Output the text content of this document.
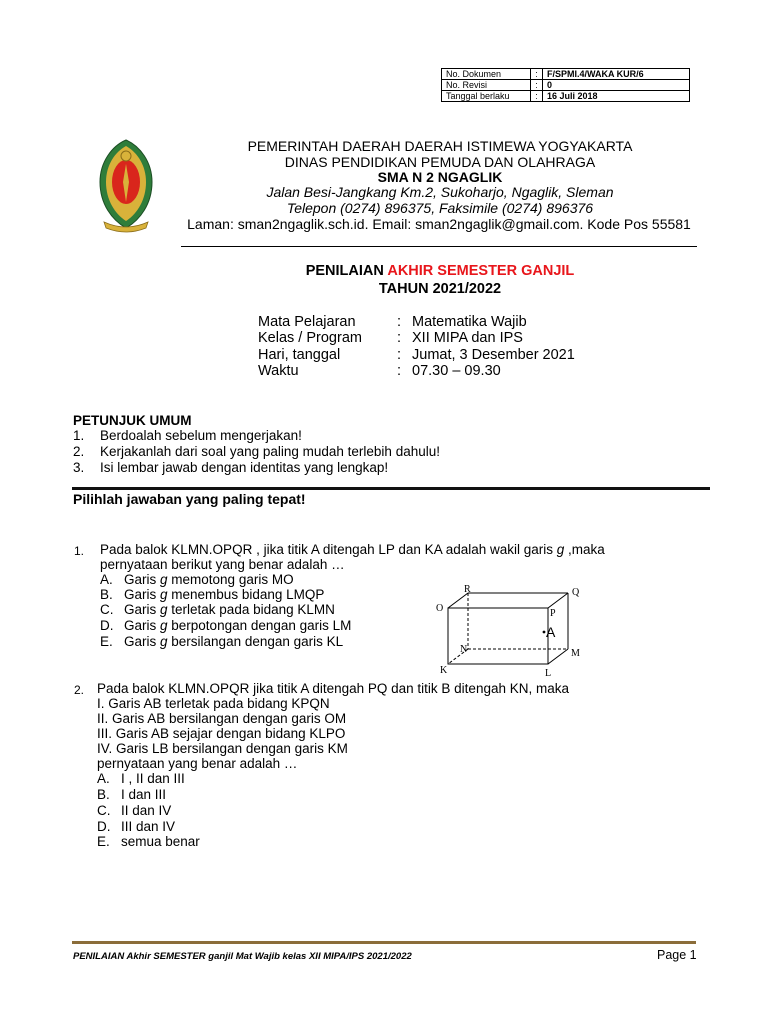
No. Dokumen	:	F/SPMI.4/WAKA KUR/6
No. Revisi	:	0
Tanggal berlaku	:	16 Juli 2018
PEMERINTAH DAERAH DAERAH ISTIMEWA YOGYAKARTA
DINAS PENDIDIKAN PEMUDA DAN OLAHRAGA
SMA N 2 NGAGLIK
Jalan Besi-Jangkang Km.2, Sukoharjo, Ngaglik, Sleman
Telepon (0274) 896375, Faksimile (0274) 896376
Laman: sman2ngaglik.sch.id. Email: sman2ngaglik@gmail.com. Kode Pos 55581
PENILAIAN AKHIR SEMESTER GANJIL
TAHUN 2021/2022
Mata Pelajaran	: Matematika Wajib
Kelas / Program : XII MIPA dan IPS
Hari, tanggal	: Jumat, 3 Desember 2021
Waktu	: 07.30 – 09.30
PETUNJUK UMUM
1. Berdoalah sebelum mengerjakan!
2. Kerjakanlah dari soal yang paling mudah terlebih dahulu!
3. Isi lembar jawab dengan identitas yang lengkap!
Pilihlah jawaban yang paling tepat!
1. Pada balok KLMN.OPQR , jika titik A ditengah LP dan KA adalah wakil garis g ,maka
pernyataan berikut yang benar adalah …
A. Garis g memotong garis MO
B. Garis g menembus bidang LMQP
C. Garis g terletak pada bidang KLMN
D. Garis g berpotongan dengan garis LM
E. Garis g bersilangan dengan garis KL
R	Q
O	P
A
N	M
K	L
2. Pada balok KLMN.OPQR jika titik A ditengah PQ dan titik B ditengah KN, maka
I. Garis AB terletak pada bidang KPQN
II. Garis AB bersilangan dengan garis OM
III. Garis AB sejajar dengan bidang KLPO
IV. Garis LB bersilangan dengan garis KM
pernyataan yang benar adalah …
A. I , II dan III
B. I dan III
C. II dan IV
D. III dan IV
E. semua benar
PENILAIAN Akhir SEMESTER ganjil Mat Wajib kelas XII MIPA/IPS 2021/2022	Page 1
